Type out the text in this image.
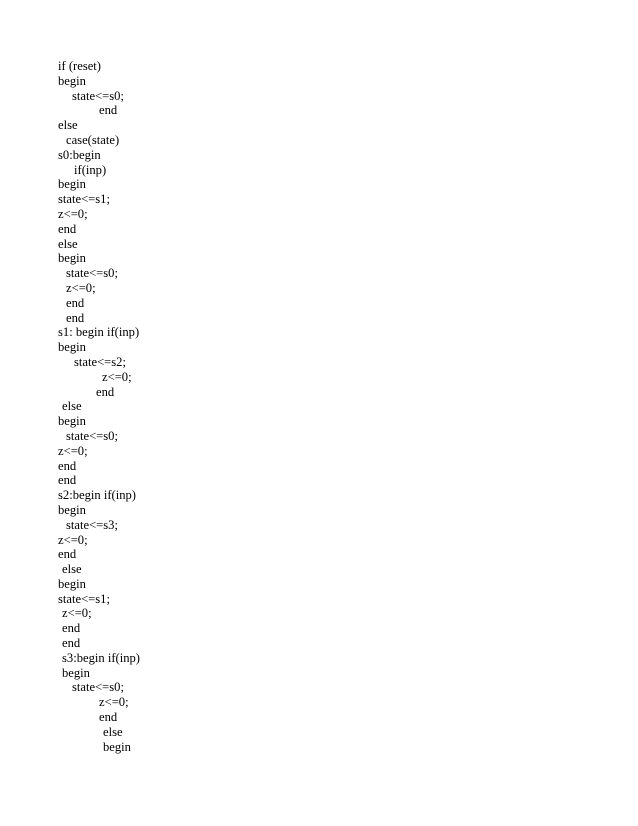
if (reset)
begin
state<=s0;
end
else
case(state)
s0:begin
if(inp)
begin
state<=s1;
z<=0;
end
else
begin
state<=s0;
z<=0;
end
end
s1: begin if(inp)
begin
state<=s2;
z<=0;
end
else
begin
state<=s0;
z<=0;
end
end
s2:begin if(inp)
begin
state<=s3;
z<=0;
end
else
begin
state<=s1;
z<=0;
end
end
s3:begin if(inp)
begin
state<=s0;
z<=0;
end
else
begin
